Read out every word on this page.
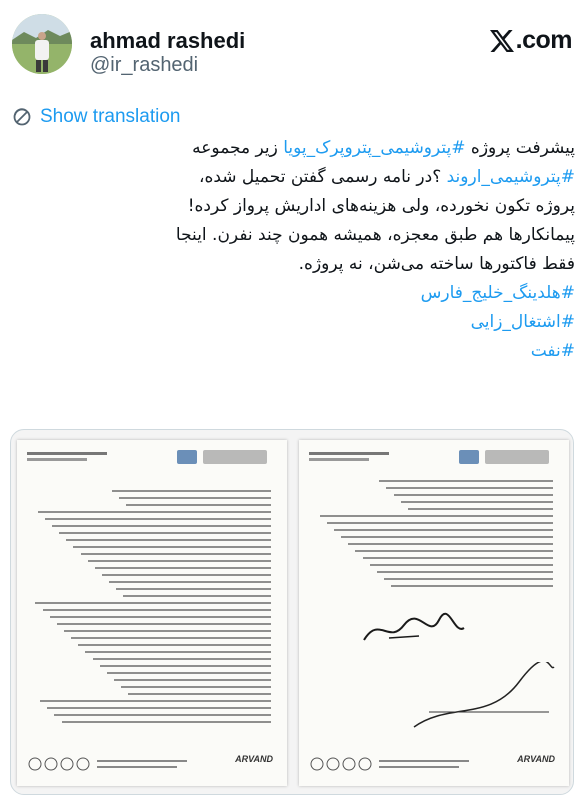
ahmad rashedi
@ir_rashedi
.com
Show translation
پیشرفت پروژه #پتروشیمی_پتروپرک_پویا زیر مجموعه
#پتروشیمی_اروند ؟در نامه رسمی گفتن تحمیل شده،
پروژه تکون نخورده، ولی هزینه‌های اداریش پرواز کرده!
پیمانکارها هم طبق معجزه، همیشه همون چند نفرن. اینجا
فقط فاکتورها ساخته می‌شن، نه پروژه.
#هلدینگ_خلیج_فارس
#اشتغال_زایی
#نفت
ARVAND	ARVAND
